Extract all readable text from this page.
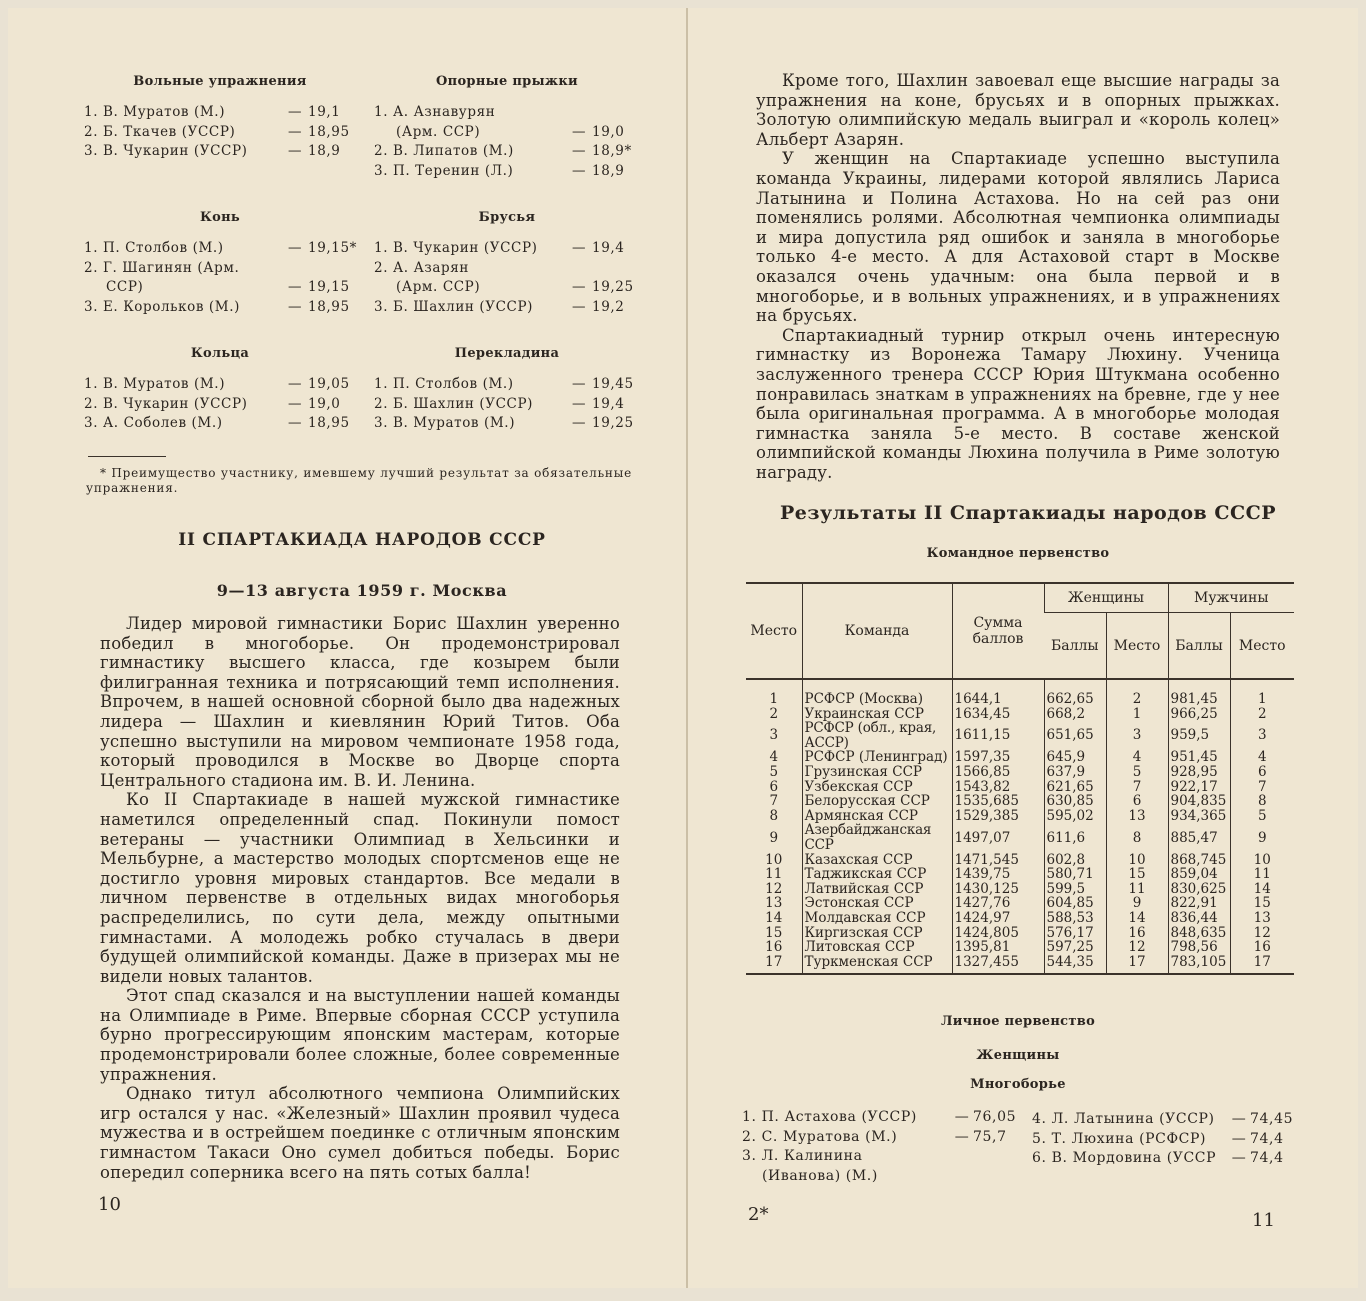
Вольные упражнения
1. В. Муратов (М.)	— 19,1
2. Б. Ткачев (УССР)	— 18,95
3. В. Чукарин (УССР)	— 18,9
Опорные прыжки
1. А. Азнавурян
(Арм. ССР)	— 19,0
2. В. Липатов (М.)	— 18,9*
3. П. Теренин (Л.)	— 18,9
Конь
1. П. Столбов (М.)	— 19,15*
2. Г. Шагинян (Арм.
ССР)	— 19,15
3. Е. Корольков (М.)	— 18,95
Брусья
1. В. Чукарин (УССР)	— 19,4
2. А. Азарян
(Арм. ССР)	— 19,25
3. Б. Шахлин (УССР)	— 19,2
Кольца
1. В. Муратов (М.)	— 19,05
2. В. Чукарин (УССР)	— 19,0
3. А. Соболев (М.)	— 18,95
Перекладина
1. П. Столбов (М.)	— 19,45
2. Б. Шахлин (УССР)	— 19,4
3. В. Муратов (М.)	— 19,25
* Преимущество участнику, имевшему лучший результат за обязательные упражнения.
II СПАРТАКИАДА НАРОДОВ СССР
9—13 августа 1959 г. Москва

Лидер мировой гимнастики Борис Шахлин уверенно победил в многоборье. Он продемонстрировал гимнастику высшего класса, где козырем были филигранная техника и потрясающий темп исполнения. Впрочем, в нашей основной сборной было два надежных лидера — Шахлин и киевлянин Юрий Титов. Оба успешно выступили на мировом чемпионате 1958 года, который проводился в Москве во Дворце спорта Центрального стадиона им. В. И. Ленина.

Ко II Спартакиаде в нашей мужской гимнастике наметился определенный спад. Покинули помост ветераны — участники Олимпиад в Хельсинки и Мельбурне, а мастерство молодых спортсменов еще не достигло уровня мировых стандартов. Все медали в личном первенстве в отдельных видах многоборья распределились, по сути дела, между опытными гимнастами. А молодежь робко стучалась в двери будущей олимпийской команды. Даже в призерах мы не видели новых талантов.

Этот спад сказался и на выступлении нашей команды на Олимпиаде в Риме. Впервые сборная СССР уступила бурно прогрессирующим японским мастерам, которые продемонстрировали более сложные, более современные упражнения.

Однако титул абсолютного чемпиона Олимпийских игр остался у нас. «Железный» Шахлин проявил чудеса мужества и в острейшем поединке с отличным японским гимнастом Такаси Оно сумел добиться победы. Борис опередил соперника всего на пять сотых балла!

10

Кроме того, Шахлин завоевал еще высшие награды за упражнения на коне, брусьях и в опорных прыжках. Золотую олимпийскую медаль выиграл и «король колец» Альберт Азарян.

У женщин на Спартакиаде успешно выступила команда Украины, лидерами которой являлись Лариса Латынина и Полина Астахова. Но на сей раз они поменялись ролями. Абсолютная чемпионка олимпиады и мира допустила ряд ошибок и заняла в многоборье только 4-е место. А для Астаховой старт в Москве оказался очень удачным: она была первой и в многоборье, и в вольных упражнениях, и в упражнениях на брусьях.

Спартакиадный турнир открыл очень интересную гимнастку из Воронежа Тамару Люхину. Ученица заслуженного тренера СССР Юрия Штукмана особенно понравилась знаткам в упражнениях на бревне, где у нее была оригинальная программа. А в многоборье молодая гимнастка заняла 5-е место. В составе женской олимпийской команды Люхина получила в Риме золотую награду.

Результаты II Спартакиады народов СССР
Командное первенство
Место	Команда	Сумма баллов	Женщины		Мужчины	
			Баллы	Место	Баллы	Место
1	РСФСР (Москва)	1644,1	662,65	2	981,45	1
2	Украинская ССР	1634,45	668,2	1	966,25	2
3	РСФСР (обл., края, АССР)	1611,15	651,65	3	959,5	3
4	РСФСР (Ленинград)	1597,35	645,9	4	951,45	4
5	Грузинская ССР	1566,85	637,9	5	928,95	6
6	Узбекская ССР	1543,82	621,65	7	922,17	7
7	Белорусская ССР	1535,685	630,85	6	904,835	8
8	Армянская ССР	1529,385	595,02	13	934,365	5
9	Азербайджанская ССР	1497,07	611,6	8	885,47	9
10	Казахская ССР	1471,545	602,8	10	868,745	10
11	Таджикская ССР	1439,75	580,71	15	859,04	11
12	Латвийская ССР	1430,125	599,5	11	830,625	14
13	Эстонская ССР	1427,76	604,85	9	822,91	15
14	Молдавская ССР	1424,97	588,53	14	836,44	13
15	Киргизская ССР	1424,805	576,17	16	848,635	12
16	Литовская ССР	1395,81	597,25	12	798,56	16
17	Туркменская ССР	1327,455	544,35	17	783,105	17
Личное первенство
Женщины
Многоборье
1. П. Астахова (УССР)	— 76,05
2. С. Муратова (М.)	— 75,7
3. Л. Калинина
(Иванова) (М.)
4. Л. Латынина (УССР)	— 74,45
5. Т. Люхина (РСФСР)	— 74,4
6. В. Мордовина (УССР	— 74,4
2*	11
